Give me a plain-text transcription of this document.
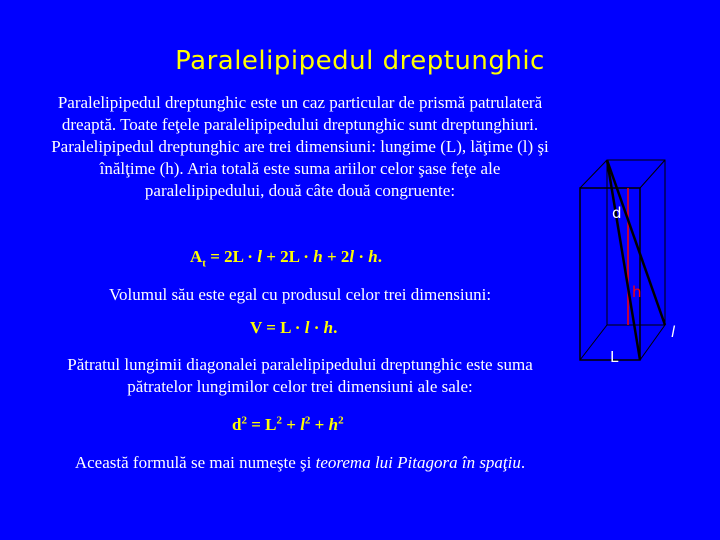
Paralelipipedul dreptunghic
Paralelipipedul dreptunghic este un caz particular de prismă patrulateră dreaptă. Toate feţele paralelipipedului dreptunghic sunt dreptunghiuri. Paralelipipedul dreptunghic are trei dimensiuni: lungime (L), lăţime (l) şi înălţime (h). Aria totală este suma ariilor celor şase feţe ale paralelipipedului, două câte două congruente:
$A_t = 2L \cdot l + 2L \cdot h + 2l \cdot h$.
Volumul său este egal cu produsul celor trei dimensiuni:
V = L · l · h.
Pătratul lungimii diagonalei paralelipipedului dreptunghic este suma pătratelor lungimilor celor trei dimensiuni ale sale:
$d^2 = L^2 + l^2 + h^2$
Această formulă se mai numeşte şi teorema lui Pitagora în spaţiu.
d
h
l
L
